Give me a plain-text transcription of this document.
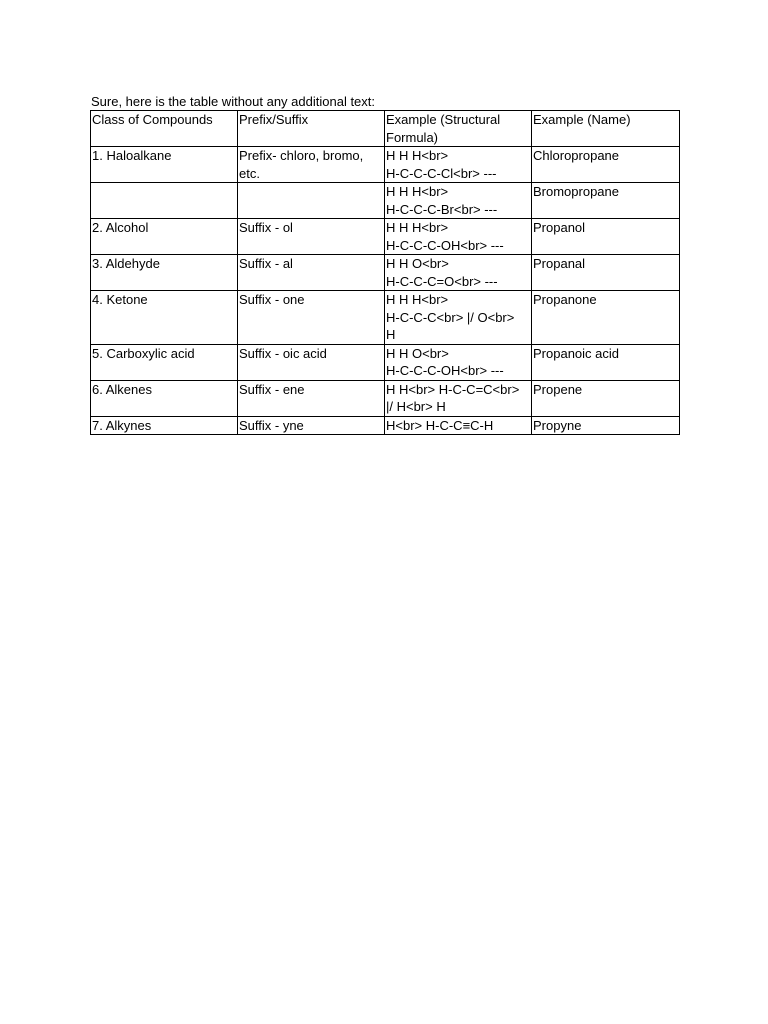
Sure, here is the table without any additional text:
Class of Compounds	Prefix/Suffix	Example (Structural
Formula)	Example (Name)

1. Haloalkane	Prefix- chloro, bromo,
etc.	H H H<br>
H-C-C-C-Cl<br> ---	Chloropropane

		H H H<br>
H-C-C-C-Br<br> ---	Bromopropane

2. Alcohol	Suffix - ol	H H H<br>
H-C-C-C-OH<br> ---	Propanol

3. Aldehyde	Suffix - al	H H O<br>
H-C-C-C=O<br> ---	Propanal

4. Ketone	Suffix - one	H H H<br>
H-C-C-C<br> |/ O<br>
H	Propanone

5. Carboxylic acid	Suffix - oic acid	H H O<br>
H-C-C-C-OH<br> ---	Propanoic acid

6. Alkenes	Suffix - ene	H H<br> H-C-C=C<br>
|/ H<br> H	Propene

7. Alkynes	Suffix - yne	H<br> H-C-C≡C-H	Propyne
